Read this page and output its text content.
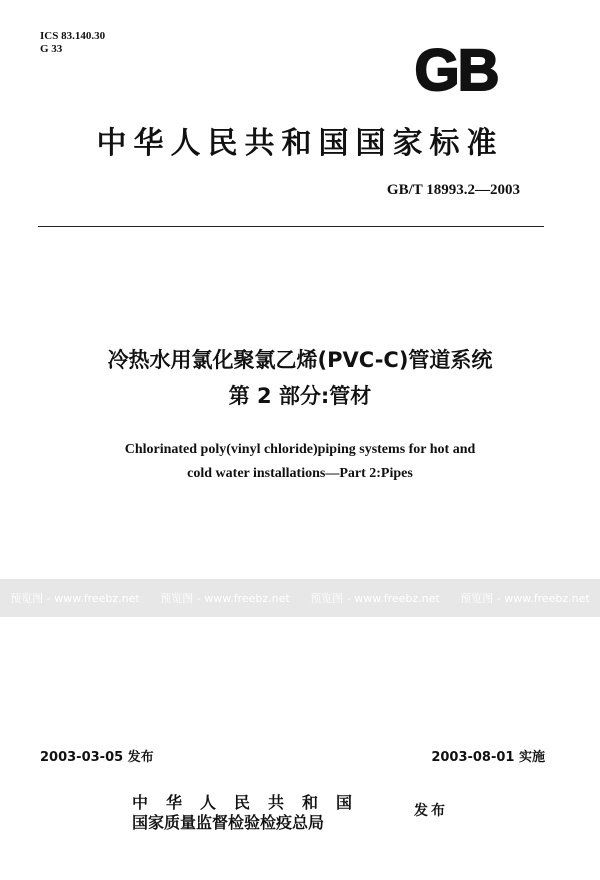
ICS 83.140.30
G 33	GB
中华人民共和国国家标准
GB/T 18993.2—2003
冷热水用氯化聚氯乙烯(PVC-C)管道系统
第 2 部分:管材
Chlorinated poly(vinyl chloride)piping systems for hot and
cold water installations—Part 2:Pipes
预览图 - www.freebz.net 预览图 - www.freebz.net 预览图 - www.freebz.net 预览图 - www.freebz.net
2003-03-05 发布	2003-08-01 实施
中华人民共和国
国家质量监督检验检疫总局
发布
